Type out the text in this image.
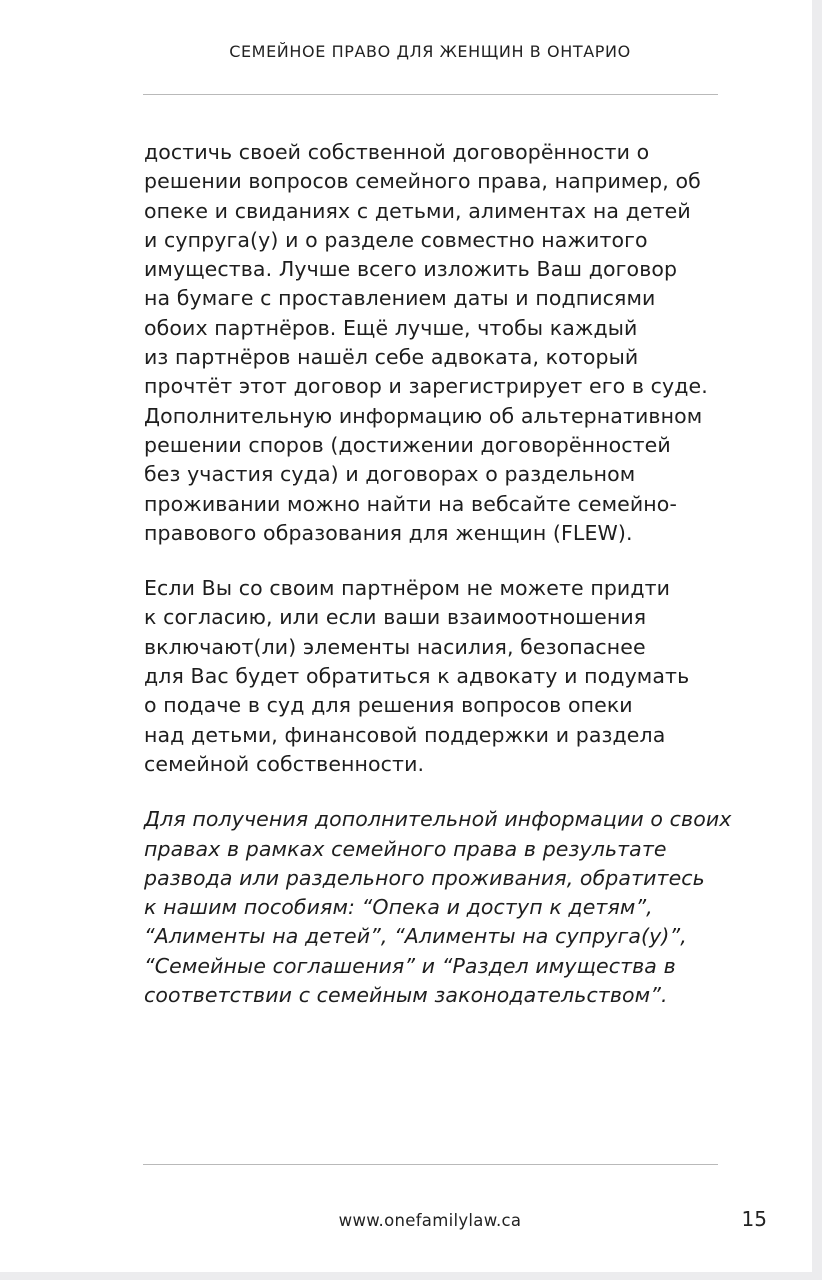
СЕМЕЙНОЕ ПРАВО ДЛЯ ЖЕНЩИН В ОНТАРИО

достичь своей собственной договорённости о
решении вопросов семейного права, например, об
опеке и свиданиях с детьми, алиментах на детей
и супруга(у) и о разделе совместно нажитого
имущества. Лучше всего изложить Ваш договор
на бумаге с проставлением даты и подписями
обоих партнёров. Ещё лучше, чтобы каждый
из партнёров нашёл себе адвоката, который
прочтёт этот договор и зарегистрирует его в суде.
Дополнительную информацию об альтернативном
решении споров (достижении договорённостей
без участия суда) и договорах о раздельном
проживании можно найти на вебсайте семейно-
правового образования для женщин (FLEW).

Если Вы со своим партнёром не можете придти
к согласию, или если ваши взаимоотношения
включают(ли) элементы насилия, безопаснее
для Вас будет обратиться к адвокату и подумать
о подаче в суд для решения вопросов опеки
над детьми, финансовой поддержки и раздела
семейной собственности.

Для получения дополнительной информации о своих
правах в рамках семейного права в результате
развода или раздельного проживания, обратитесь
к нашим пособиям: “Опека и доступ к детям”,
“Алименты на детей”, “Алименты на супруга(у)”,
“Семейные соглашения” и “Раздел имущества в
соответствии с семейным законодательством”.

www.onefamilylaw.ca	15
